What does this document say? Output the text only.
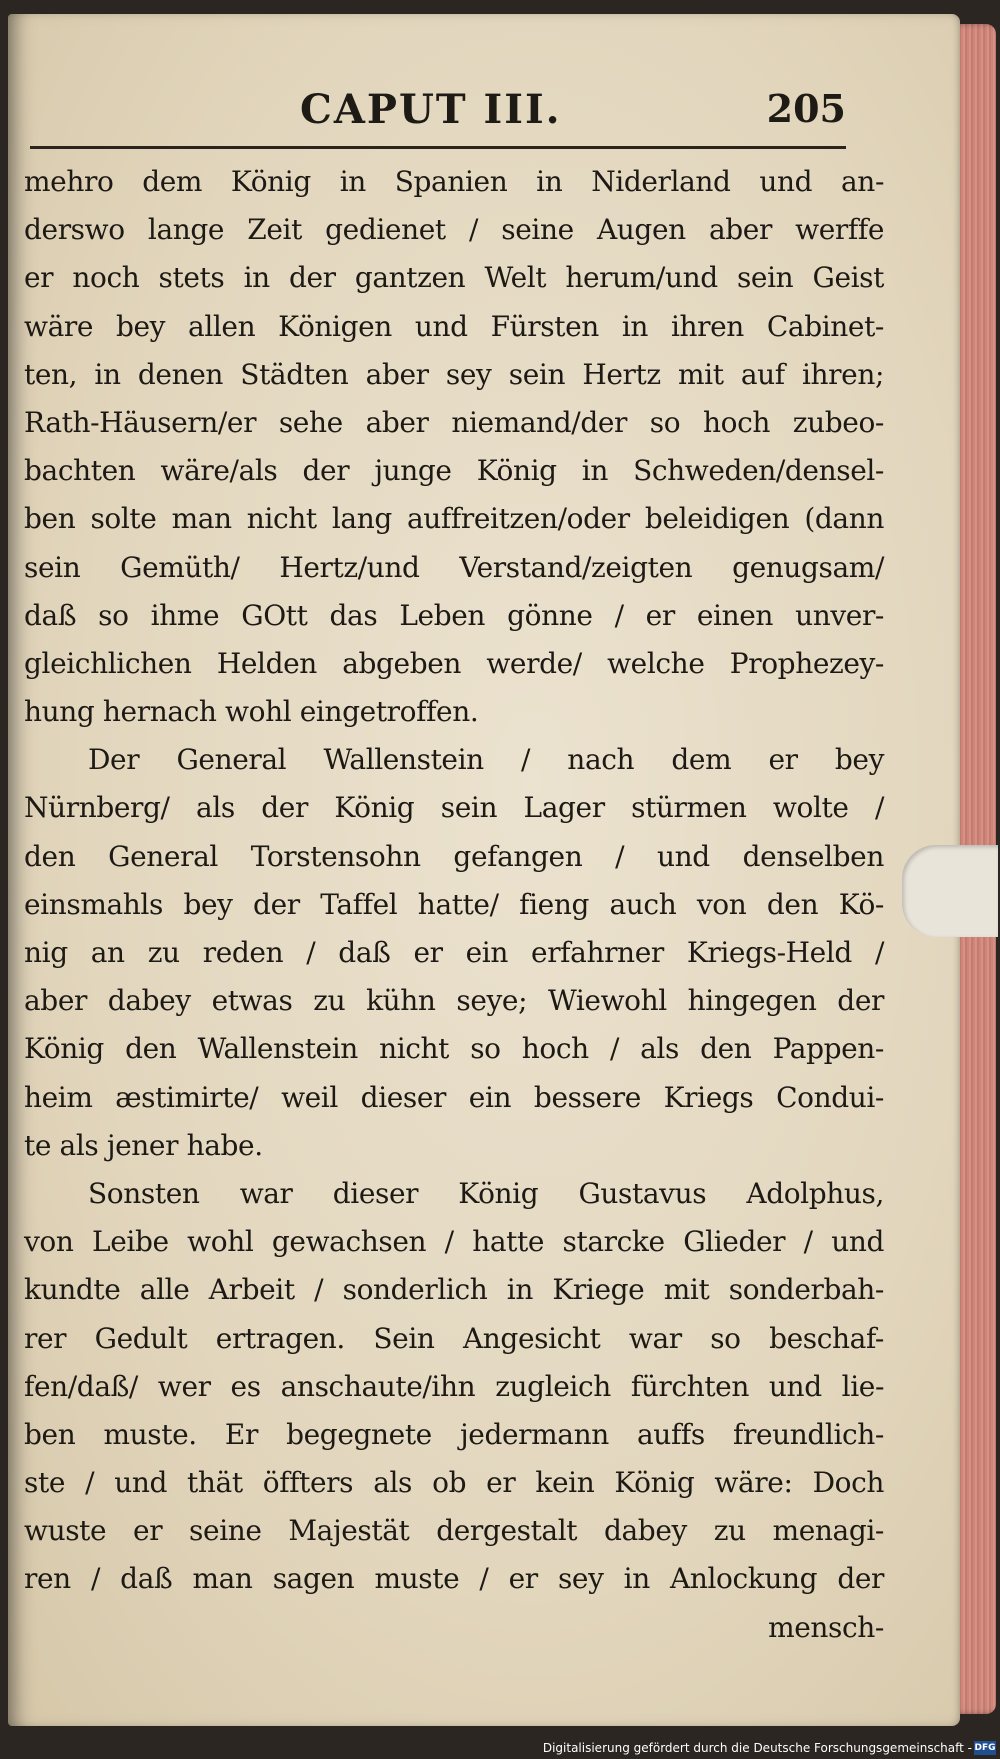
CAPUT III.	205
mehro dem König in Spanien in Niderland und an-
derswo lange Zeit gedienet / seine Augen aber werffe
er noch stets in der gantzen Welt herum/und sein Geist
wäre bey allen Königen und Fürsten in ihren Cabinet-
ten, in denen Städten aber sey sein Hertz mit auf ihren;
Rath-Häusern/er sehe aber niemand/der so hoch zubeo-
bachten wäre/als der junge König in Schweden/densel-
ben solte man nicht lang auffreitzen/oder beleidigen (dann
sein Gemüth/ Hertz/und Verstand/zeigten genugsam/
daß so ihme GOtt das Leben gönne / er einen unver-
gleichlichen Helden abgeben werde/ welche Prophezey-
hung hernach wohl eingetroffen.
Der General Wallenstein / nach dem er bey
Nürnberg/ als der König sein Lager stürmen wolte /
den General Torstensohn gefangen / und denselben
einsmahls bey der Taffel hatte/ fieng auch von den Kö-
nig an zu reden / daß er ein erfahrner Kriegs-Held /
aber dabey etwas zu kühn seye; Wiewohl hingegen der
König den Wallenstein nicht so hoch / als den Pappen-
heim æstimirte/ weil dieser ein bessere Kriegs Condui-
te als jener habe.
Sonsten war dieser König Gustavus Adolphus,
von Leibe wohl gewachsen / hatte starcke Glieder / und
kundte alle Arbeit / sonderlich in Kriege mit sonderbah-
rer Gedult ertragen. Sein Angesicht war so beschaf-
fen/daß/ wer es anschaute/ihn zugleich fürchten und lie-
ben muste. Er begegnete jedermann auffs freundlich-
ste / und thät öffters als ob er kein König wäre: Doch
wuste er seine Majestät dergestalt dabey zu menagi-
ren / daß man sagen muste / er sey in Anlockung der
mensch-
Digitalisierung gefördert durch die Deutsche Forschungsgemeinschaft - DFG
